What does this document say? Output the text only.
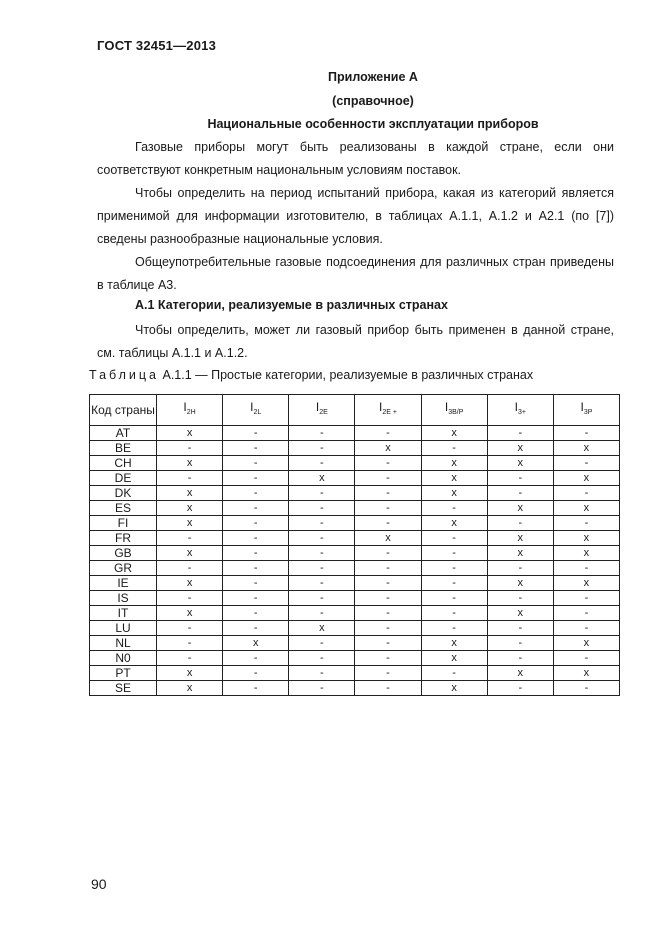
ГОСТ 32451—2013
Приложение А
(справочное)
Национальные особенности эксплуатации приборов

Газовые приборы могут быть реализованы в каждой стране, если они соответствуют конкретным национальным условиям поставок.

Чтобы определить на период испытаний прибора, какая из категорий является применимой для информации изготовителю, в таблицах А.1.1, А.1.2 и А2.1 (по [7]) сведены разнообразные национальные условия.

Общеупотребительные газовые подсоединения для различных стран приведены в таблице А3.

А.1 Категории, реализуемые в различных странах

Чтобы определить, может ли газовый прибор быть применен в данной стране, см. таблицы А.1.1 и А.1.2.

Таблица А.1.1 — Простые категории, реализуемые в различных странах
Код страны	$I_{2H}$	$I_{2L}$	$I_{2E}$	$I_{2E +}$	$I_{3B/P}$	$I_{3+}$	$I_{3P}$
AT	x	-	-	-	x	-	-
BE	-	-	-	x	-	x	x
CH	x	-	-	-	x	x	-
DE	-	-	x	-	x	-	x
DK	x	-	-	-	x	-	-
ES	x	-	-	-	-	x	x
FI	x	-	-	-	x	-	-
FR	-	-	-	x	-	x	x
GB	x	-	-	-	-	x	x
GR	-	-	-	-	-	-	-
IE	x	-	-	-	-	x	x
IS	-	-	-	-	-	-	-
IT	x	-	-	-	-	x	-
LU	-	-	x	-	-	-	-
NL	-	x	-	-	x	-	x
N0	-	-	-	-	x	-	-
PT	x	-	-	-	-	x	x
SE	x	-	-	-	x	-	-
90
